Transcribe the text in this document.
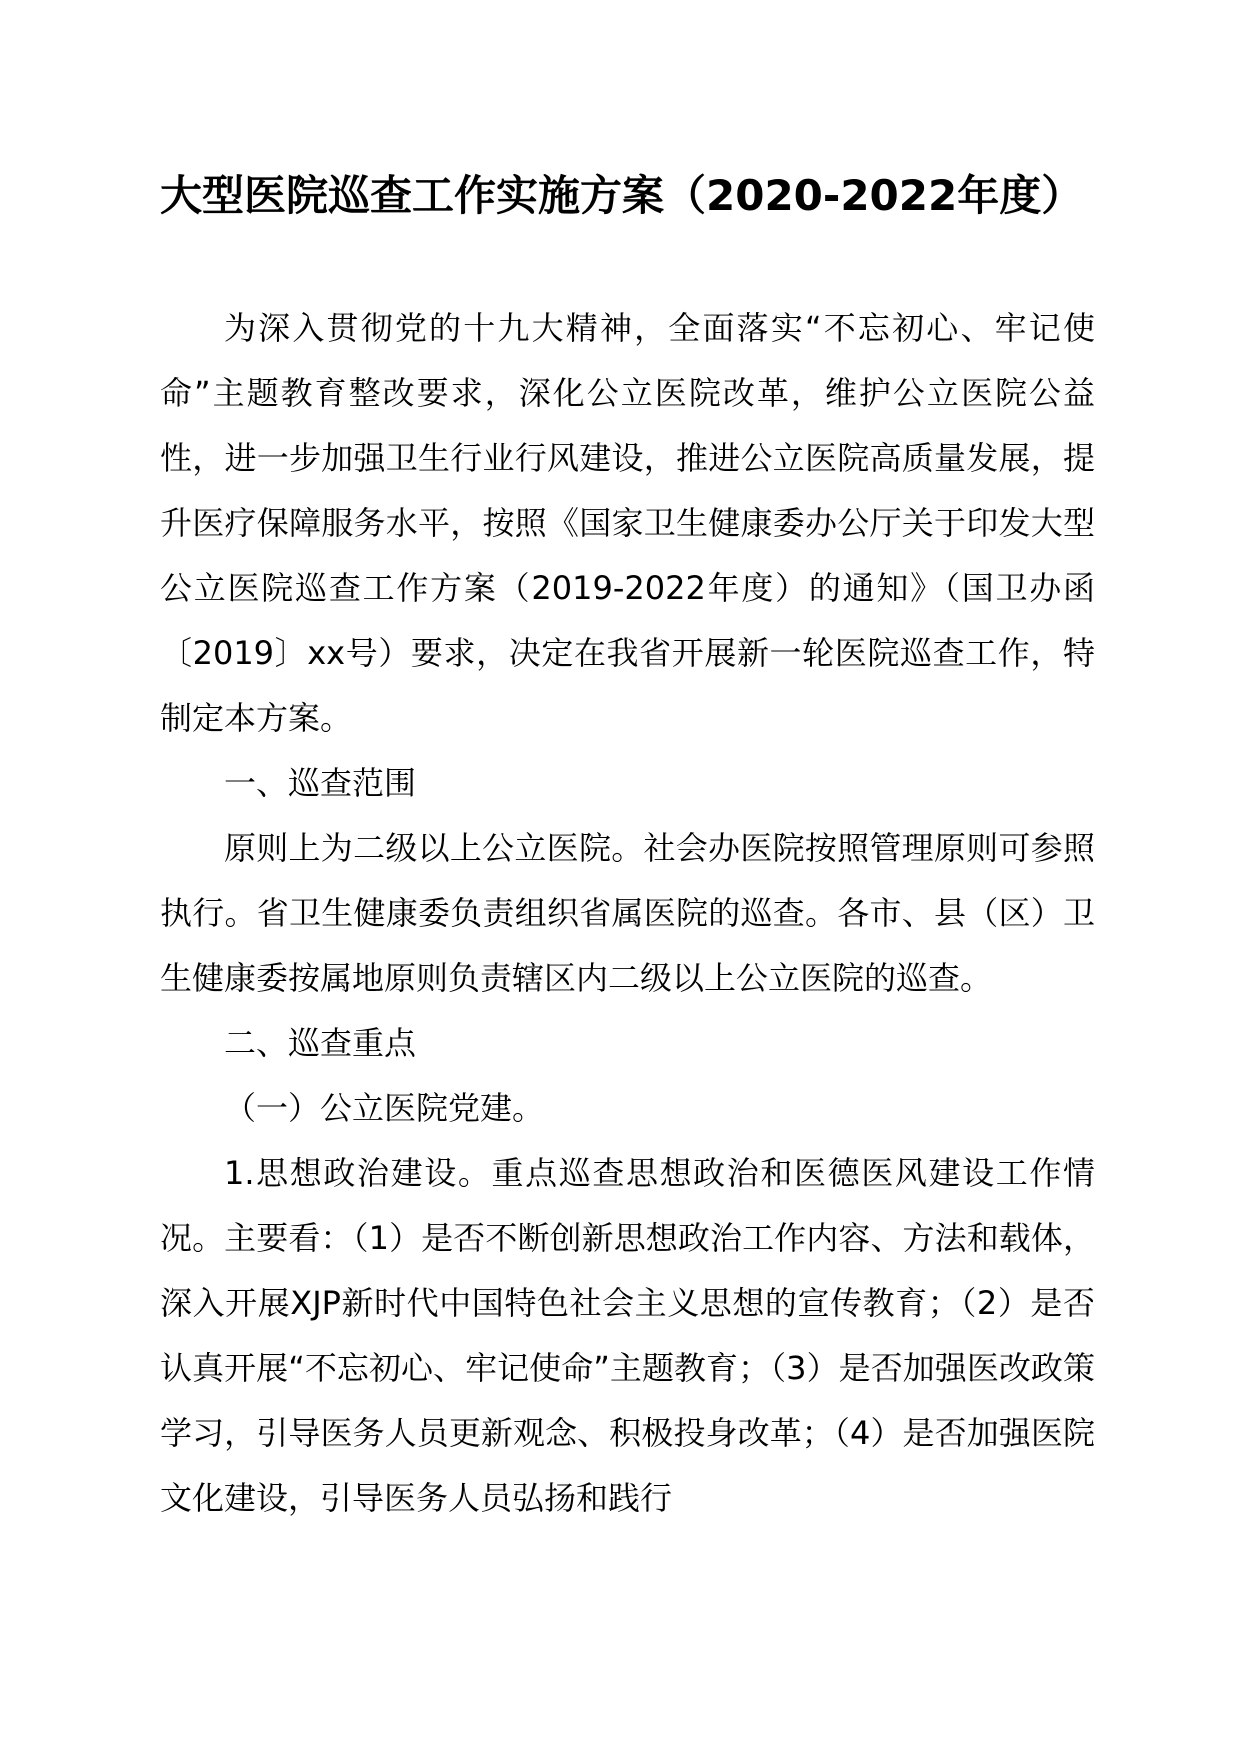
大型医院巡查工作实施方案（2020-2022年度）

为深入贯彻党的十九大精神，全面落实“不忘初心、牢记使命”主题教育整改要求，深化公立医院改革，维护公立医院公益性，进一步加强卫生行业行风建设，推进公立医院高质量发展，提升医疗保障服务水平，按照《国家卫生健康委办公厅关于印发大型公立医院巡查工作方案（2019-2022年度）的通知》（国卫办函〔2019〕xx号）要求，决定在我省开展新一轮医院巡查工作，特制定本方案。

一、巡查范围

原则上为二级以上公立医院。社会办医院按照管理原则可参照执行。省卫生健康委负责组织省属医院的巡查。各市、县（区）卫生健康委按属地原则负责辖区内二级以上公立医院的巡查。

二、巡查重点

（一）公立医院党建。

1.思想政治建设。重点巡查思想政治和医德医风建设工作情况。主要看：（1）是否不断创新思想政治工作内容、方法和载体，深入开展XJP新时代中国特色社会主义思想的宣传教育；（2）是否认真开展“不忘初心、牢记使命”主题教育；（3）是否加强医改政策学习，引导医务人员更新观念、积极投身改革；（4）是否加强医院文化建设，引导医务人员弘扬和践行
